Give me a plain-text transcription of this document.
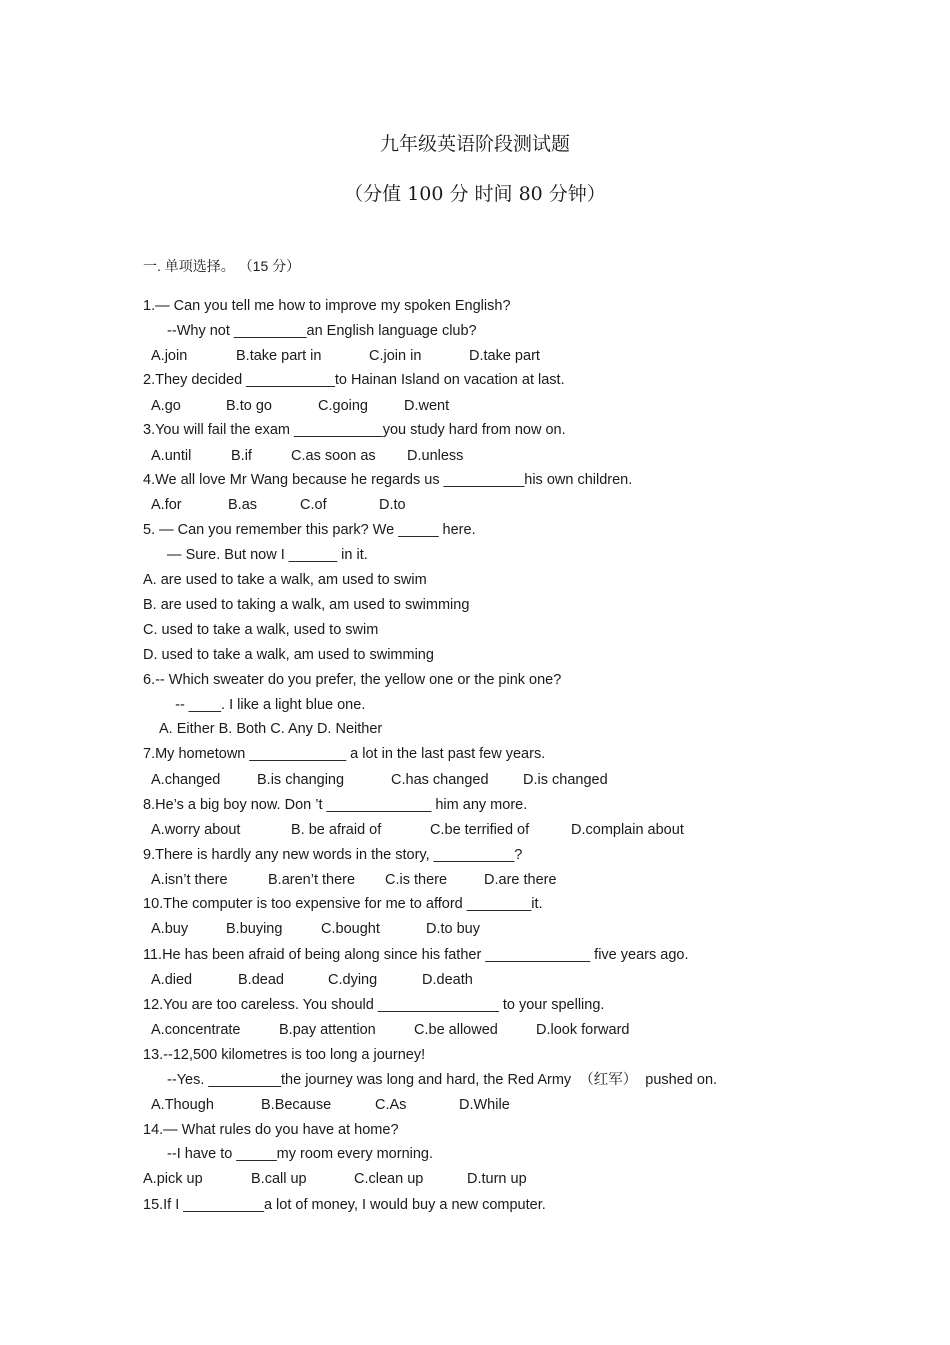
九年级英语阶段测试题
（分值 100 分 时间 80 分钟）
一. 单项选择。 （15 分）
1.— Can you tell me how to improve my spoken English?
--Why not _________an English language club?
A.join	B.take part in	C.join in	D.take part
2.They decided ___________to Hainan Island on vacation at last.
A.go	B.to go	C.going D.went
3.You will fail the exam ___________you study hard from now on.
A.until	B.if	C.as soon as D.unless
4.We all love Mr Wang because he regards us __________his own children.
A.for	B.as	C.of	D.to
5. — Can you remember this park? We _____ here.
— Sure. But now I ______ in it.
A. are used to take a walk, am used to swim
B. are used to taking a walk, am used to swimming
C. used to take a walk, used to swim
D. used to take a walk, am used to swimming
6.-- Which sweater do you prefer, the yellow one or the pink one?
-- ____. I like a light blue one.
A. Either B. Both C. Any D. Neither
7.My hometown ____________ a lot in the last past few years.
A.changed	B.is changing	C.has changed D.is changed
8.He’s a big boy now. Don ’t _____________ him any more.
A.worry about	B. be afraid of	C.be terrified of	D.complain about
9.There is hardly any new words in the story, __________?
A.isn’t there	B.aren’t there C.is there	D.are there
10.The computer is too expensive for me to afford ________it.
A.buy	B.buying	C.bought	D.to buy
11.He has been afraid of being along since his father _____________ five years ago.
A.died	B.dead	C.dying	D.death
12.You are too careless. You should _______________ to your spelling.
A.concentrate	B.pay attention	C.be allowed	D.look forward
13.--12,500 kilometres is too long a journey!
--Yes. _________the journey was long and hard, the Red Army  （红军）  pushed on.
A.Though	B.Because	C.As	D.While
14.— What rules do you have at home?
--I have to _____my room every morning.
A.pick up	B.call up	C.clean up	D.turn up
15.If I __________a lot of money, I would buy a new computer.
